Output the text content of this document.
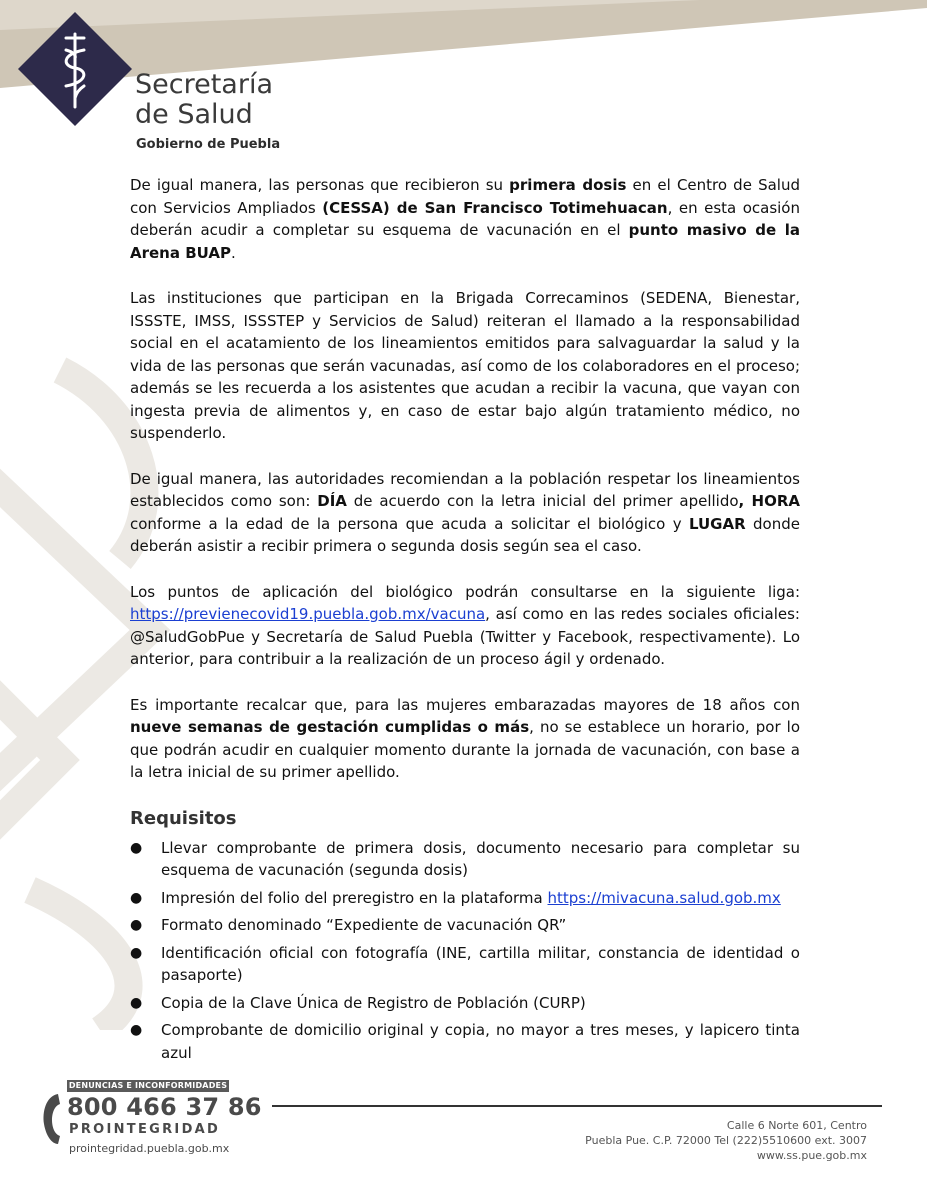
Secretaría
de Salud
Gobierno de Puebla

De igual manera, las personas que recibieron su primera dosis en el Centro de Salud con Servicios Ampliados (CESSA) de San Francisco Totimehuacan, en esta ocasión deberán acudir a completar su esquema de vacunación en el punto masivo de la Arena BUAP.

Las instituciones que participan en la Brigada Correcaminos (SEDENA, Bienestar, ISSSTE, IMSS, ISSSTEP y Servicios de Salud) reiteran el llamado a la responsabilidad social en el acatamiento de los lineamientos emitidos para salvaguardar la salud y la vida de las personas que serán vacunadas, así como de los colaboradores en el proceso; además se les recuerda a los asistentes que acudan a recibir la vacuna, que vayan con ingesta previa de alimentos y, en caso de estar bajo algún tratamiento médico, no suspenderlo.

De igual manera, las autoridades recomiendan a la población respetar los lineamientos establecidos como son: DÍA de acuerdo con la letra inicial del primer apellido, HORA conforme a la edad de la persona que acuda a solicitar el biológico y LUGAR donde deberán asistir a recibir primera o segunda dosis según sea el caso.

Los puntos de aplicación del biológico podrán consultarse en la siguiente liga: https://previenecovid19.puebla.gob.mx/vacuna, así como en las redes sociales oficiales: @SaludGobPue y Secretaría de Salud Puebla (Twitter y Facebook, respectivamente). Lo anterior, para contribuir a la realización de un proceso ágil y ordenado.

Es importante recalcar que, para las mujeres embarazadas mayores de 18 años con nueve semanas de gestación cumplidas o más, no se establece un horario, por lo que podrán acudir en cualquier momento durante la jornada de vacunación, con base a la letra inicial de su primer apellido.

Requisitos
● Llevar comprobante de primera dosis, documento necesario para completar su esquema de vacunación (segunda dosis)
● Impresión del folio del preregistro en la plataforma https://mivacuna.salud.gob.mx
● Formato denominado “Expediente de vacunación QR”
● Identificación oficial con fotografía (INE, cartilla militar, constancia de identidad o pasaporte)
● Copia de la Clave Única de Registro de Población (CURP)
● Comprobante de domicilio original y copia, no mayor a tres meses, y lapicero tinta azul
DENUNCIAS E INCONFORMIDADES
800 466 37 86
PROINTEGRIDAD
prointegridad.puebla.gob.mx
Calle 6 Norte 601, Centro
Puebla Pue. C.P. 72000 Tel (222)5510600 ext. 3007
www.ss.pue.gob.mx
